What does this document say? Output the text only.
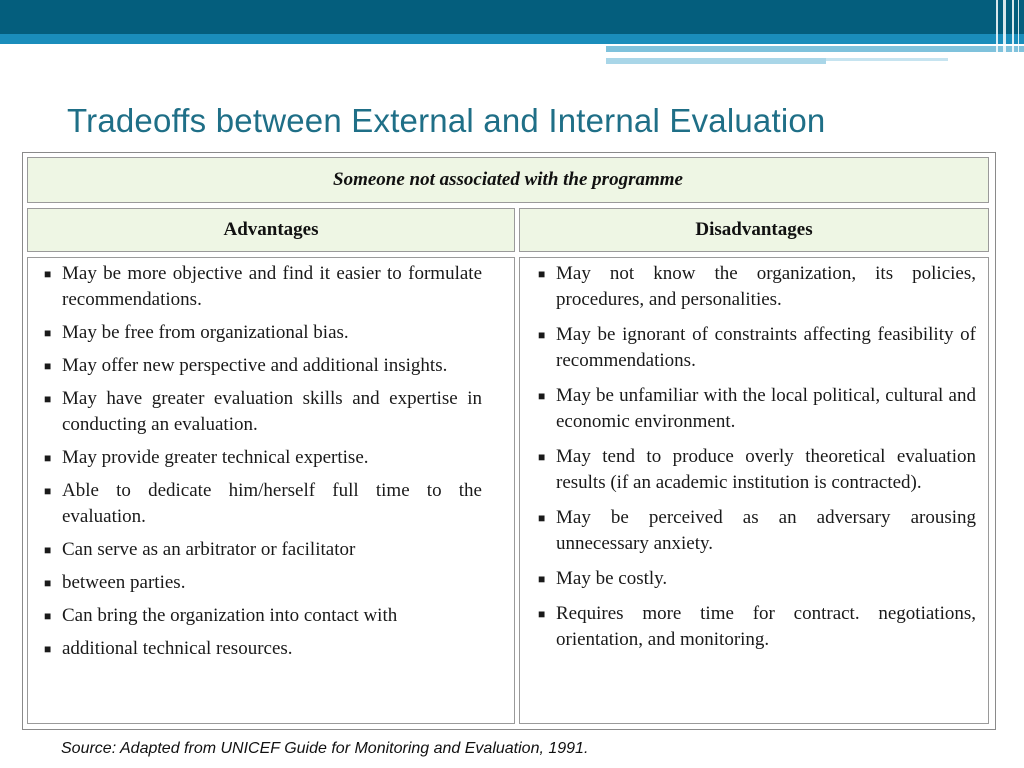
Tradeoffs between External and Internal Evaluation
Someone not associated with the programme
Advantages	Disadvantages
■ May be more objective and find it easier to formulate recommendations.
■ May be free from organizational bias.
■ May offer new perspective and additional insights.
■ May have greater evaluation skills and expertise in conducting an evaluation.
■ May provide greater technical expertise.
■ Able to dedicate him/herself full time to the evaluation.
■ Can serve as an arbitrator or facilitator
■ between parties.
■ Can bring the organization into contact with
■ additional technical resources.
■ May not know the organization, its policies, procedures, and personalities.
■ May be ignorant of constraints affecting feasibility of recommendations.
■ May be unfamiliar with the local political, cultural and economic environment.
■ May tend to produce overly theoretical evaluation results (if an academic institution is contracted).
■ May be perceived as an adversary arousing unnecessary anxiety.
■ May be costly.
■ Requires more time for contract. negotiations, orientation, and monitoring.
Source: Adapted from UNICEF Guide for Monitoring and Evaluation, 1991.
